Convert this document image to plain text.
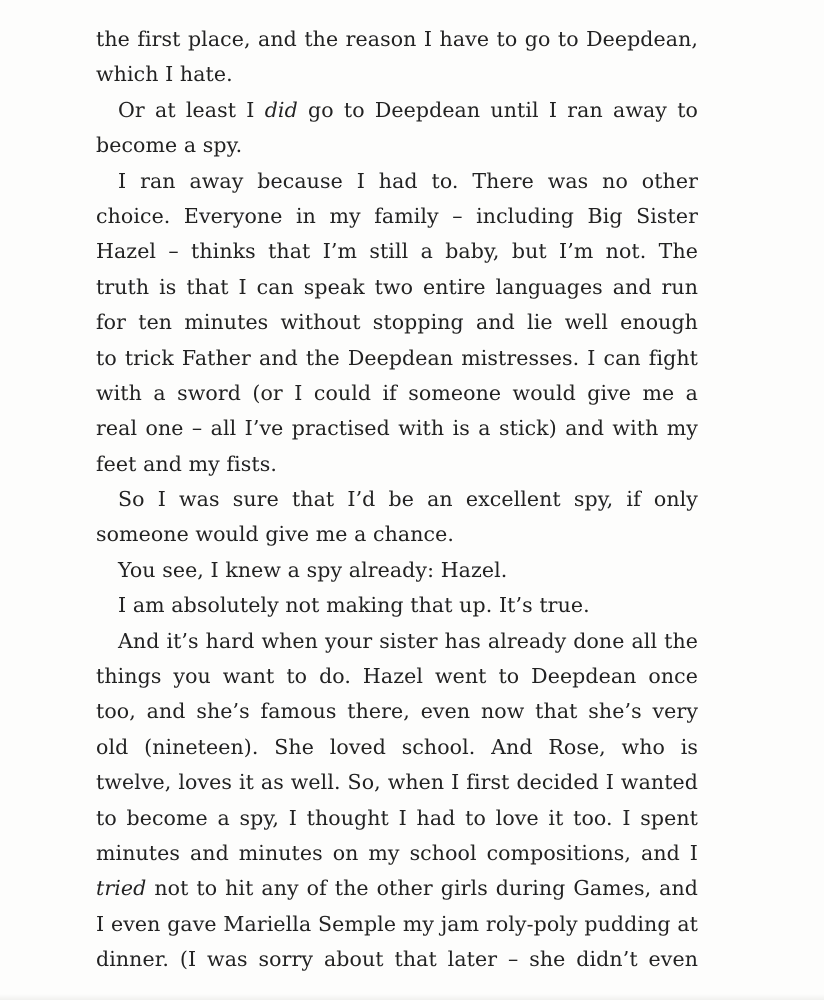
the first place, and the reason I have to go to Deepdean,
which I hate.
Or at least I did go to Deepdean until I ran away to
become a spy.
I ran away because I had to. There was no other
choice. Everyone in my family – including Big Sister
Hazel – thinks that I’m still a baby, but I’m not. The
truth is that I can speak two entire languages and run
for ten minutes without stopping and lie well enough
to trick Father and the Deepdean mistresses. I can fight
with a sword (or I could if someone would give me a
real one – all I’ve practised with is a stick) and with my
feet and my fists.
So I was sure that I’d be an excellent spy, if only
someone would give me a chance.
You see, I knew a spy already: Hazel.
I am absolutely not making that up. It’s true.
And it’s hard when your sister has already done all the
things you want to do. Hazel went to Deepdean once
too, and she’s famous there, even now that she’s very
old (nineteen). She loved school. And Rose, who is
twelve, loves it as well. So, when I first decided I wanted
to become a spy, I thought I had to love it too. I spent
minutes and minutes on my school compositions, and I
tried not to hit any of the other girls during Games, and
I even gave Mariella Semple my jam roly-poly pudding at
dinner. (I was sorry about that later – she didn’t even
